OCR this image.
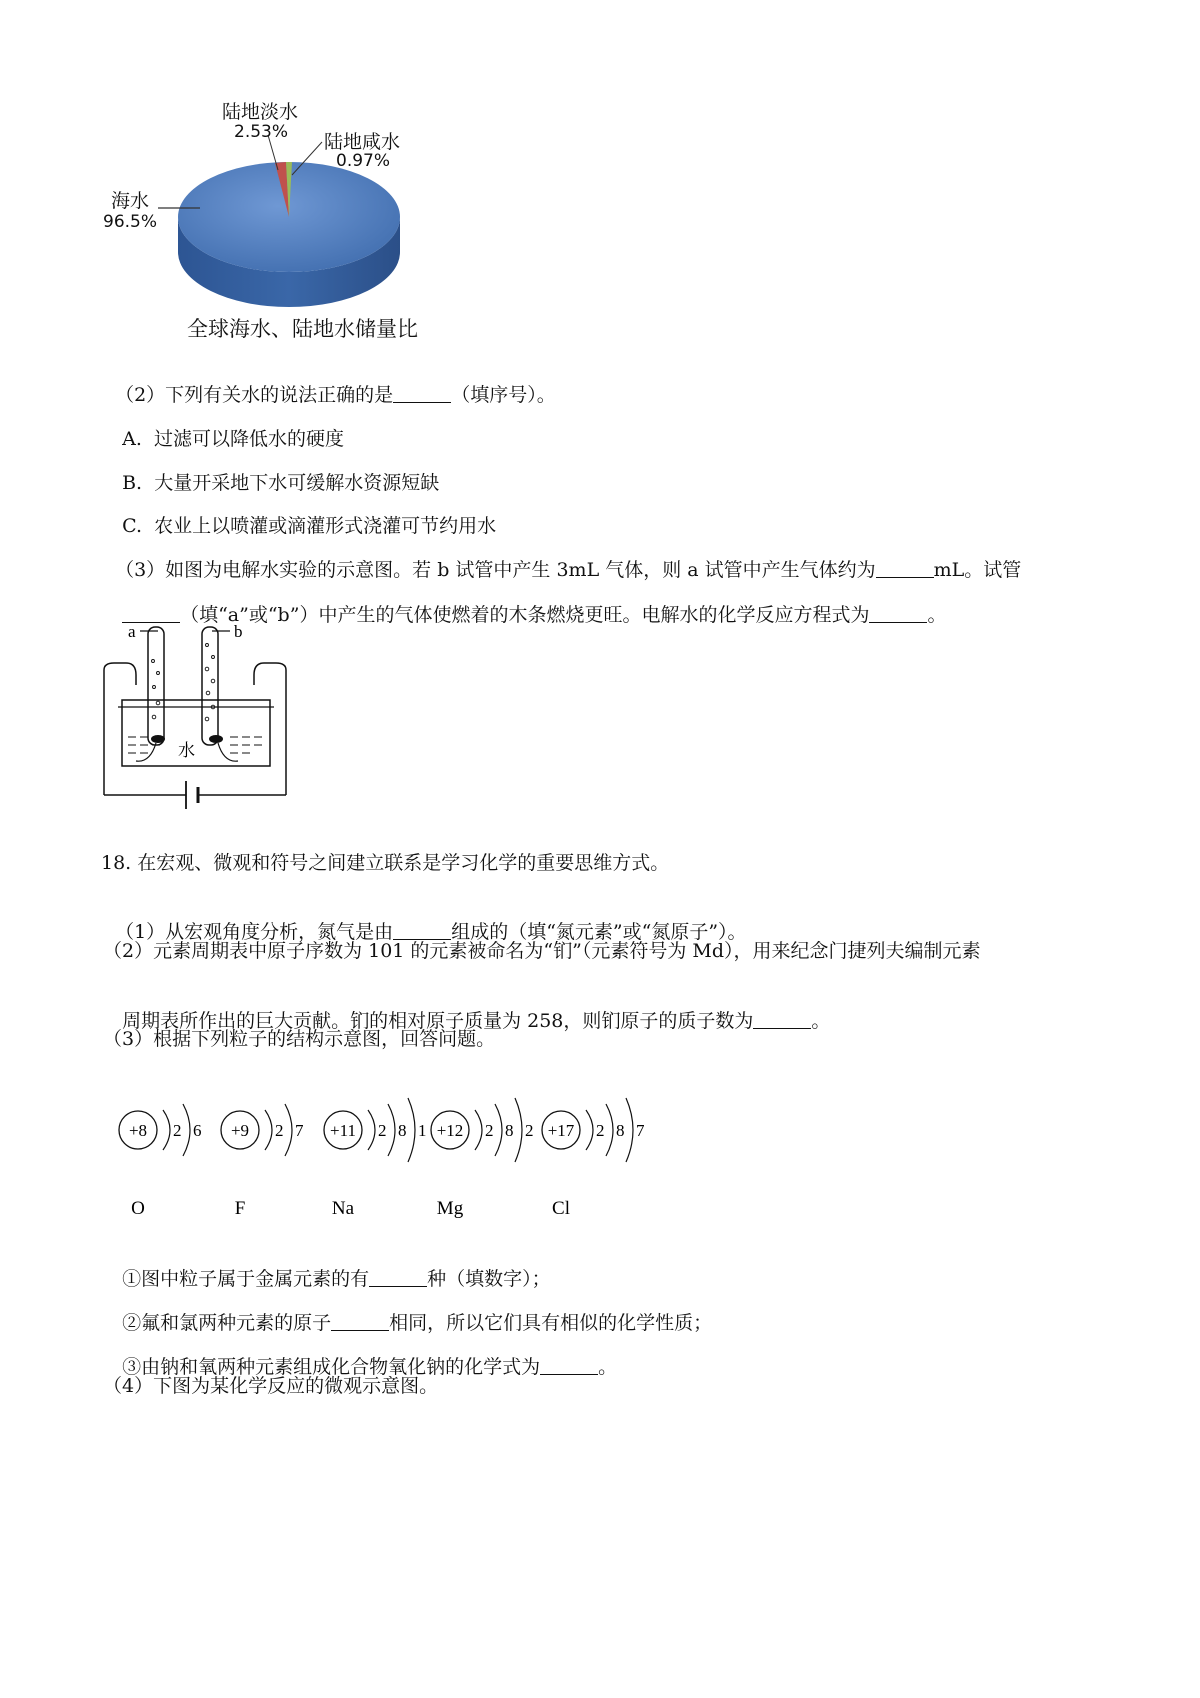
陆地淡水
2.53% 陆地咸水
0.97%
海水
96.5%
全球海水、陆地水储量比

（2）下列有关水的说法正确的是	（填序号）。

A. 过滤可以降低水的硬度

B. 大量开采地下水可缓解水资源短缺

C. 农业上以喷灌或滴灌形式浇灌可节约用水

（3）如图为电解水实验的示意图。若 b 试管中产生 3mL 气体，则 a 试管中产生气体约为	mL。试管

（填“a”或“b”）中产生的气体使燃着的木条燃烧更旺。电解水的化学反应方程式为	。

a	b
水
18. 在宏观、微观和符号之间建立联系是学习化学的重要思维方式。

（1）从宏观角度分析，氮气是由	组成的（填“氮元素”或“氮原子”）。

（2）元素周期表中原子序数为 101 的元素被命名为“钔”（元素符号为 Md），用来纪念门捷列夫编制元素

周期表所作出的巨大贡献。钔的相对原子质量为 258，则钔原子的质子数为	。

（3）根据下列粒子的结构示意图，回答问题。
+8 2 6
O
+9 2 7
F
+11 2 8 1
Na
+12 2 8 2
Mg
+17 2 8 7
Cl

①图中粒子属于金属元素的有	种（填数字）；

②氟和氯两种元素的原子	相同，所以它们具有相似的化学性质；

③由钠和氧两种元素组成化合物氧化钠的化学式为	。

（4）下图为某化学反应的微观示意图。
